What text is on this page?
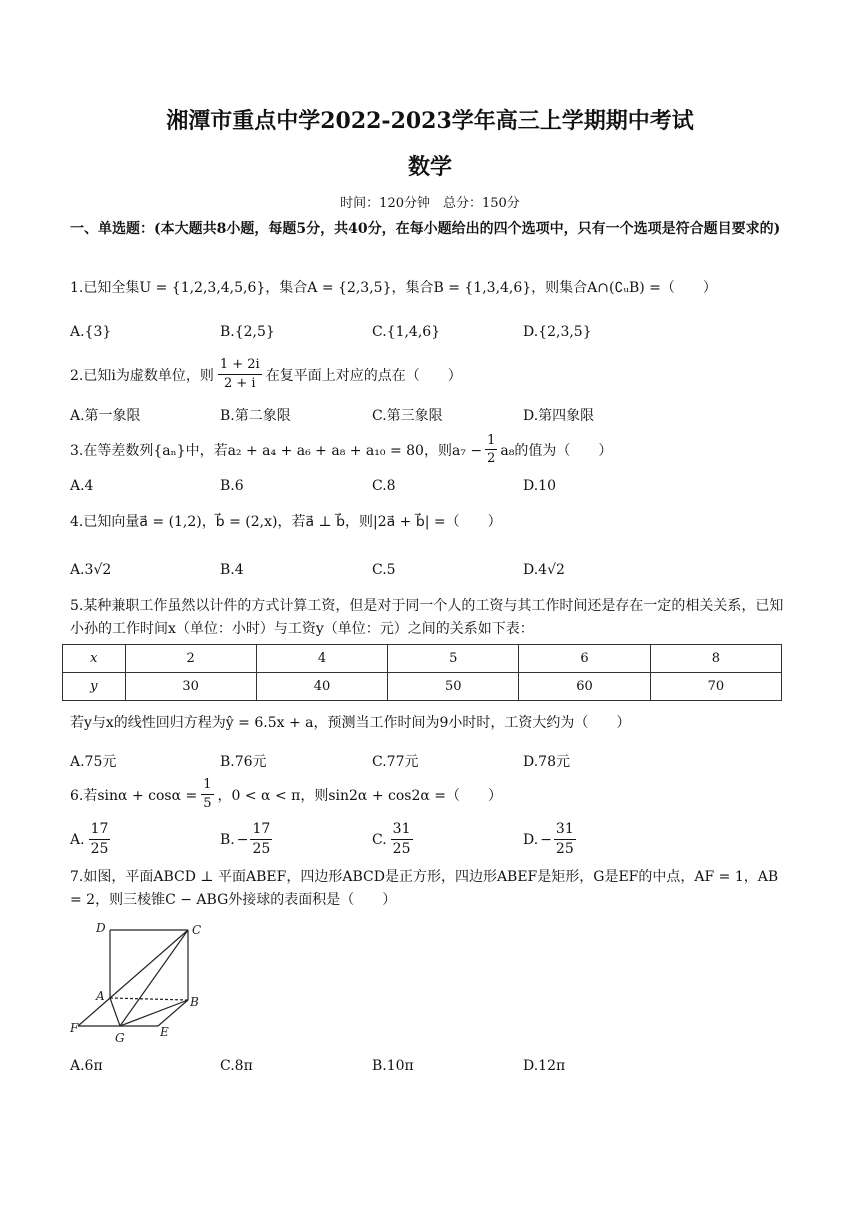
湘潭市重点中学2022-2023学年高三上学期期中考试
数学
时间：120分钟　总分：150分
一、单选题：(本大题共8小题，每题5分，共40分，在每小题给出的四个选项中，只有一个选项是符合题目要求的)
1.已知全集U = {1,2,3,4,5,6}，集合A = {2,3,5}，集合B = {1,3,4,6}，则集合A∩(∁ᵤB) =（　　）
A.{3}	B.{2,5}	C.{1,4,6}	D.{2,3,5}
2.已知i为虚数单位，则 $\frac{1 + 2i}{2 + i}$ 在复平面上对应的点在（　　）
A.第一象限	B.第二象限	C.第三象限	D.第四象限
3.在等差数列{aₙ}中，若a₂ + a₄ + a₆ + a₈ + a₁₀ = 80，则$a_7 - \frac{1}{2} a_8$的值为（　　）
A.4	B.6	C.8	D.10
4.已知向量a⃗ = (1,2)，b⃗ = (2,x)，若a⃗ ⊥ b⃗，则|2a⃗ + b⃗| =（　　）
A.3√2	B.4	C.5	D.4√2
5.某种兼职工作虽然以计件的方式计算工资，但是对于同一个人的工资与其工作时间还是存在一定的相关关系，已知小孙的工作时间x（单位：小时）与工资y（单位：元）之间的关系如下表：
x	2	4	5	6	8
y	30	40	50	60	70
若y与x的线性回归方程为ŷ = 6.5x + a，预测当工作时间为9小时时，工资大约为（　　）
A.75元	B.76元	C.77元	D.78元
6.若$\sin\alpha + \cos\alpha = \frac{1}{5}$ ，0 < α < π，则sin2α + cos2α =（　　）
A. $\frac{17}{25}$	B. − $\frac{17}{25}$	C. $\frac{31}{25}$	D. − $\frac{31}{25}$
7.如图，平面ABCD ⊥ 平面ABEF，四边形ABCD是正方形，四边形ABEF是矩形，G是EF的中点，AF = 1，AB = 2，则三棱锥C − ABG外接球的表面积是（　　）
D	C
A	B
F
G	E
A.6π	C.8π	B.10π	D.12π
